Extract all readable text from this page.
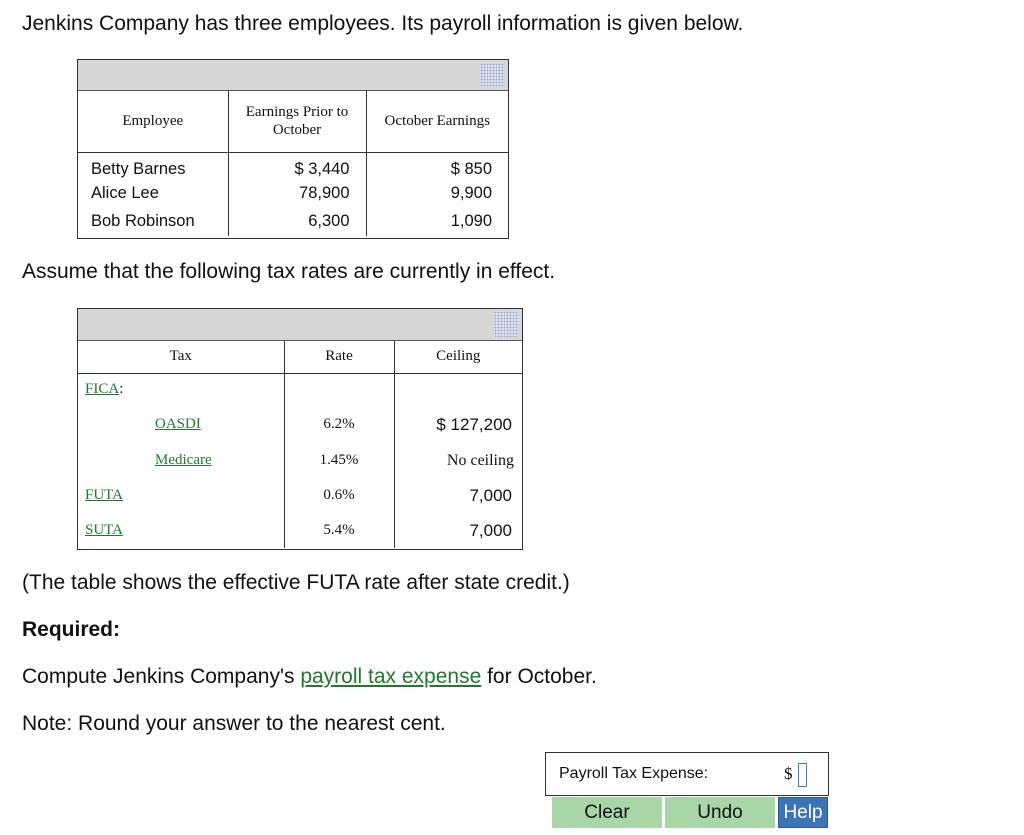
Jenkins Company has three employees. Its payroll information is given below.

Employee	Earnings Prior to October	October Earnings
Betty Barnes	$ 3,440	$ 850
Alice Lee	78,900	9,900
Bob Robinson	6,300	1,090

Assume that the following tax rates are currently in effect.

Tax		Rate	Ceiling
FICA:			
	OASDI	6.2%	$ 127,200
	Medicare	1.45%	No ceiling
FUTA		0.6%	7,000
SUTA		5.4%	7,000

(The table shows the effective FUTA rate after state credit.)

Required:

Compute Jenkins Company's payroll tax expense for October.

Note: Round your answer to the nearest cent.

Payroll Tax Expense:	$
Clear	Undo	Help
